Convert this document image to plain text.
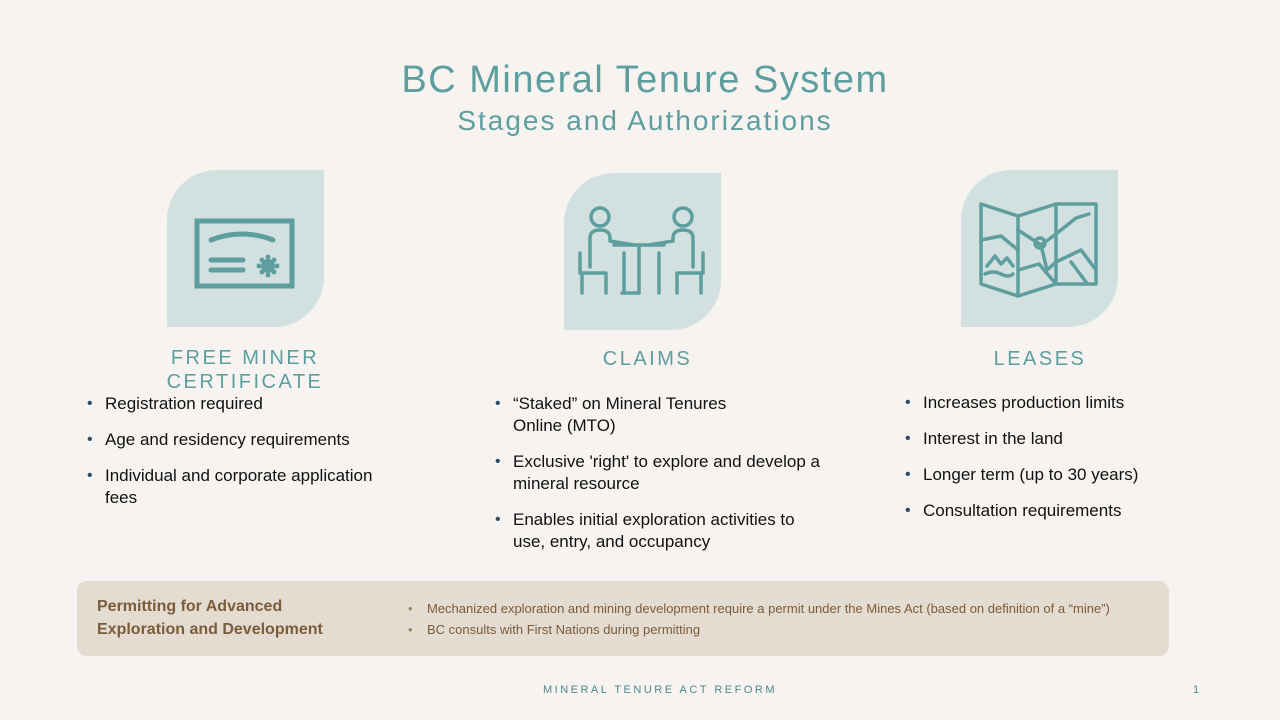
BC Mineral Tenure System
Stages and Authorizations
FREE MINER CERTIFICATE
CLAIMS	LEASES
• Registration required
• Age and residency requirements
• Individual and corporate application fees
• “Staked” on Mineral Tenures Online (MTO)
• Exclusive 'right' to explore and develop a mineral resource
• Enables initial exploration activities to use, entry, and occupancy
• Increases production limits
• Interest in the land
• Longer term (up to 30 years)
• Consultation requirements
Permitting for Advanced Exploration and Development
• Mechanized exploration and mining development require a permit under the Mines Act (based on definition of a “mine”)
• BC consults with First Nations during permitting
MINERAL TENURE ACT REFORM	1
